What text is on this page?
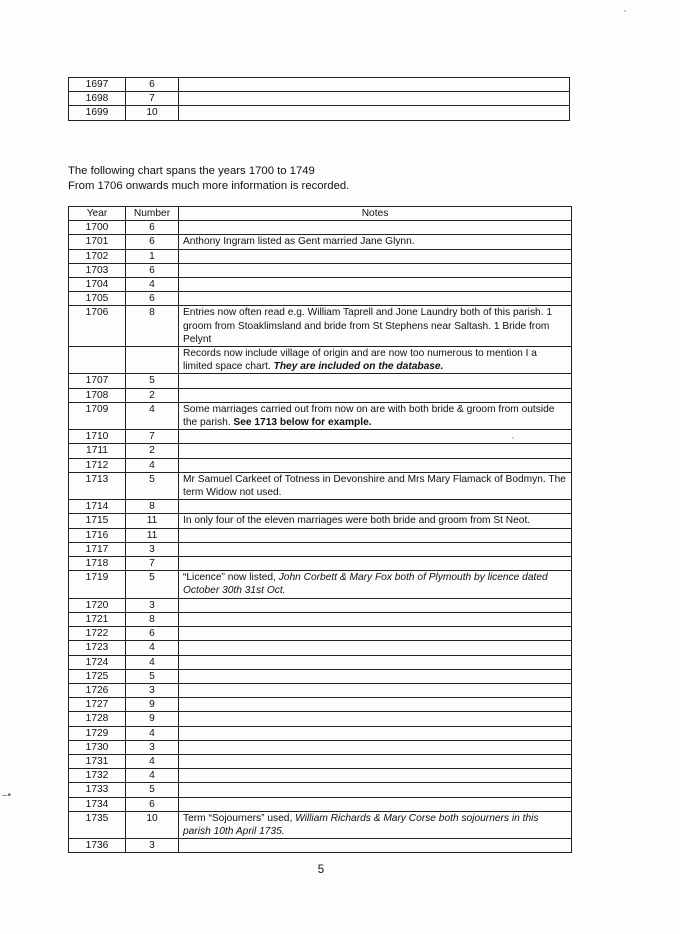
1697	6	
1698	7	
1699	10	
The following chart spans the years 1700 to 1749
From 1706 onwards much more information is recorded.
Year	Number	Notes
1700	6	
1701	6	Anthony Ingram listed as Gent married Jane Glynn.
1702	1	
1703	6	
1704	4	
1705	6	
1706	8	Entries now often read e.g. William Taprell and Jone Laundry both of this parish. 1 groom from Stoaklimsland and bride from St Stephens near Saltash. 1 Bride from Pelynt
		Records now include village of origin and are now too numerous to mention I a limited space chart. They are included on the database.
1707	5	
1708	2	
1709	4	Some marriages carried out from now on are with both bride & groom from outside the parish. See 1713 below for example.
1710	7	
1711	2	
1712	4	
1713	5	Mr Samuel Carkeet of Totness in Devonshire and Mrs Mary Flamack of Bodmyn. The term Widow not used.
1714	8	
1715	11	In only four of the eleven marriages were both bride and groom from St Neot.
1716	11	
1717	3	
1718	7	
1719	5	“Licence” now listed, John Corbett & Mary Fox both of Plymouth by licence dated October 30th 31st Oct.
1720	3	
1721	8	
1722	6	
1723	4	
1724	4	
1725	5	
1726	3	
1727	9	
1728	9	
1729	4	
1730	3	
1731	4	
1732	4	
1733	5	
1734	6	
1735	10	Term “Sojourners” used, William Richards & Mary Corse both sojourners in this parish 10th April 1735.
1736	3	
5
–•
